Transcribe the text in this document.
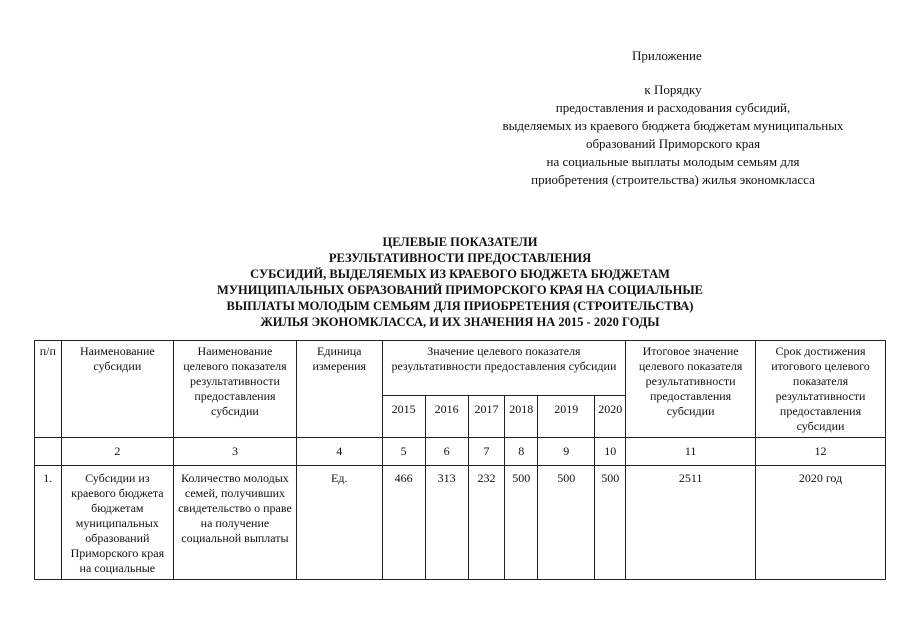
Приложение
к Порядку
предоставления и расходования субсидий,
выделяемых из краевого бюджета бюджетам муниципальных
образований Приморского края
на социальные выплаты молодым семьям для
приобретения (строительства) жилья экономкласса
ЦЕЛЕВЫЕ ПОКАЗАТЕЛИ
РЕЗУЛЬТАТИВНОСТИ ПРЕДОСТАВЛЕНИЯ
СУБСИДИЙ, ВЫДЕЛЯЕМЫХ ИЗ КРАЕВОГО БЮДЖЕТА БЮДЖЕТАМ
МУНИЦИПАЛЬНЫХ ОБРАЗОВАНИЙ ПРИМОРСКОГО КРАЯ НА СОЦИАЛЬНЫЕ
ВЫПЛАТЫ МОЛОДЫМ СЕМЬЯМ ДЛЯ ПРИОБРЕТЕНИЯ (СТРОИТЕЛЬСТВА)
ЖИЛЬЯ ЭКОНОМКЛАССА, И ИХ ЗНАЧЕНИЯ НА 2015 - 2020 ГОДЫ
п/п	Наименование субсидии	Наименование целевого показателя результативности предоставления субсидии	Единица измерения	Значение целевого показателя результативности предоставления субсидии						Итоговое значение целевого показателя результативности предоставления субсидии	Срок достижения итогового целевого показателя результативности предоставления субсидии
				2015	2016	2017	2018	2019	2020		
	2	3	4	5	6	7	8	9	10	11	12
1.	Субсидии из краевого бюджета бюджетам муниципальных образований Приморского края на социальные	Количество молодых семей, получивших свидетельство о праве на получение социальной выплаты	Ед.	466	313	232	500	500	500	2511	2020 год
